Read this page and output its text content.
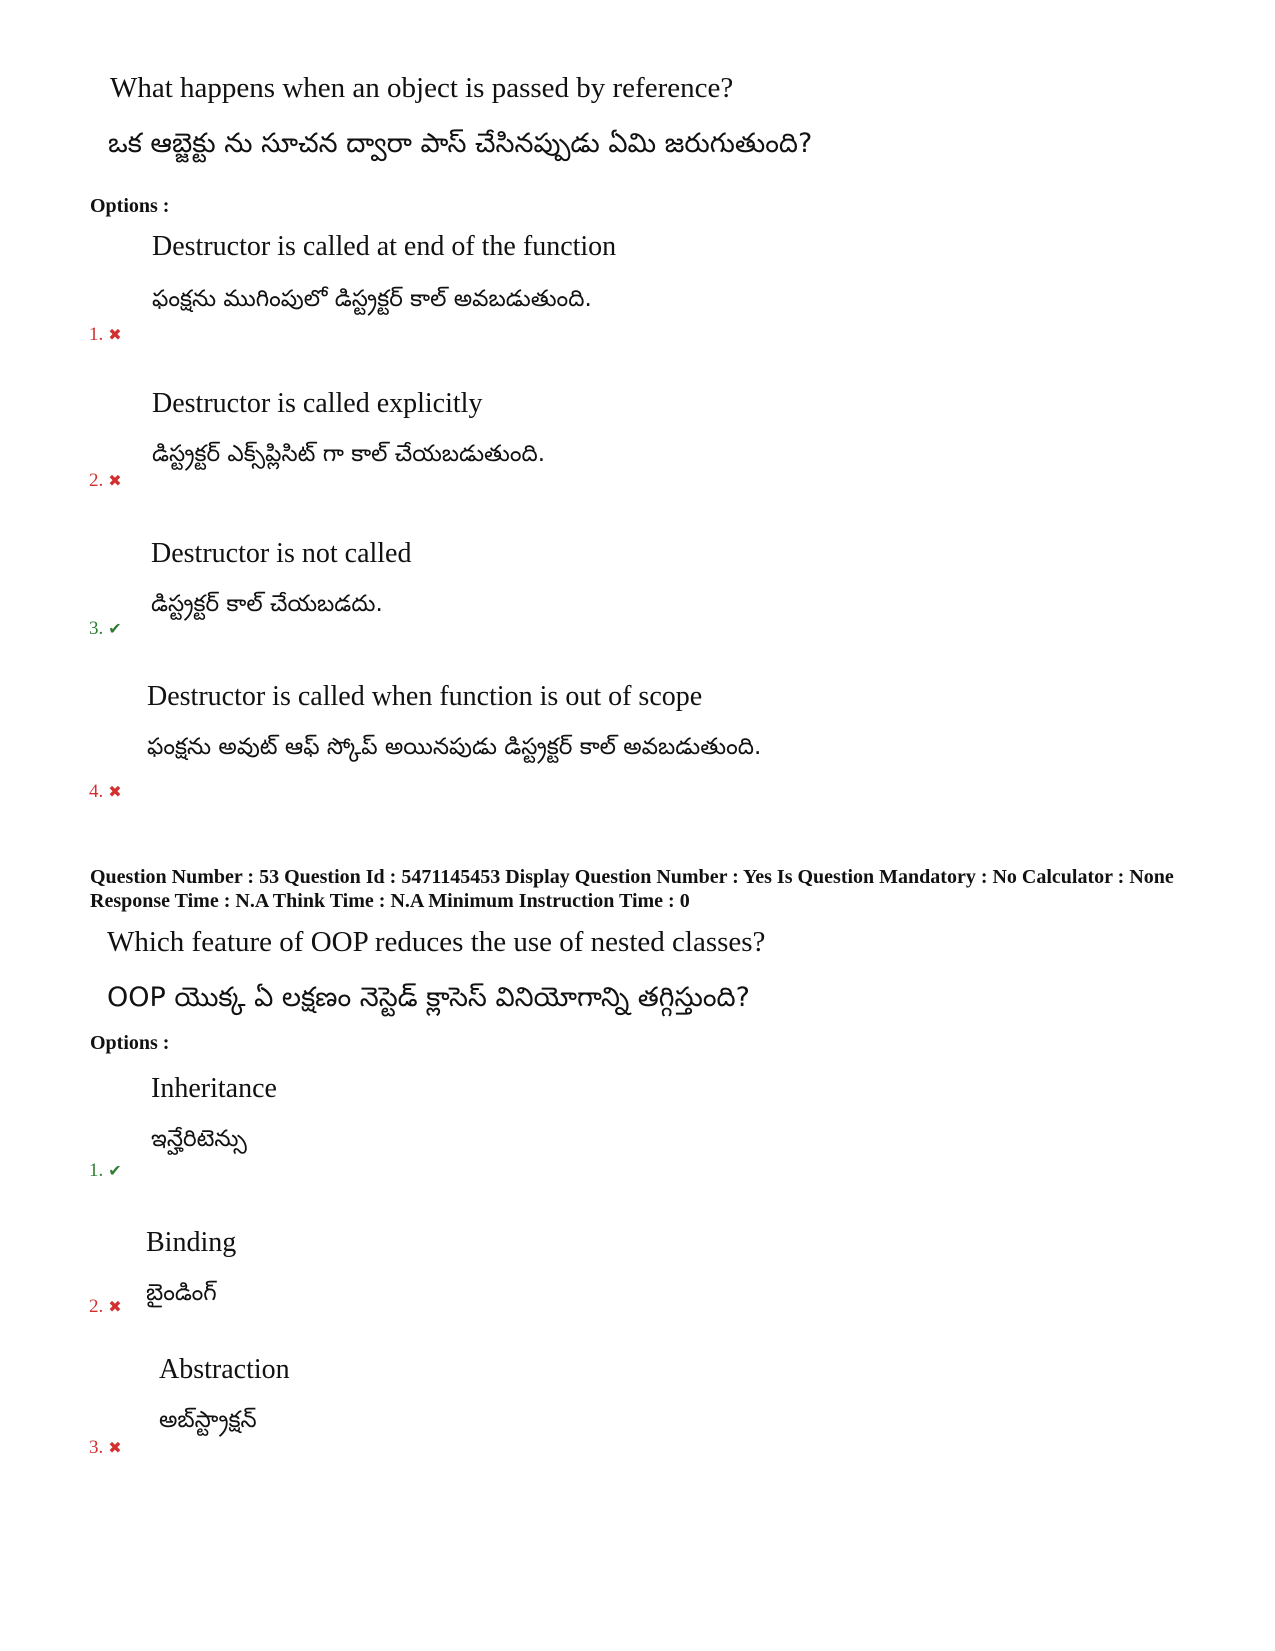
What happens when an object is passed by reference?
ఒక ఆబ్జెక్టు ను సూచన ద్వారా పాస్ చేసినప్పుడు ఏమి జరుగుతుంది?
Options :
Destructor is called at end of the function
ఫంక్షను ముగింపులో డిస్ట్రక్టర్ కాల్ అవబడుతుంది.
1. ✖
Destructor is called explicitly
డిస్ట్రక్టర్ ఎక్స్‌ప్లిసిట్ గా కాల్ చేయబడుతుంది.
2. ✖
Destructor is not called
డిస్ట్రక్టర్ కాల్ చేయబడదు.
3. ✔
Destructor is called when function is out of scope
ఫంక్షను అవుట్ ఆఫ్ స్కోప్ అయినపుడు డిస్ట్రక్టర్ కాల్ అవబడుతుంది.
4. ✖
Question Number : 53 Question Id : 5471145453 Display Question Number : Yes Is Question Mandatory : No Calculator : None Response Time : N.A Think Time : N.A Minimum Instruction Time : 0
Which feature of OOP reduces the use of nested classes?
OOP యొక్క ఏ లక్షణం నెస్టెడ్ క్లాసెస్ వినియోగాన్ని తగ్గిస్తుంది?
Options :
Inheritance
ఇన్హేరిటెన్సు
1. ✔
Binding
బైండింగ్
2. ✖
Abstraction
అబ్‌స్ట్రాక్షన్
3. ✖
